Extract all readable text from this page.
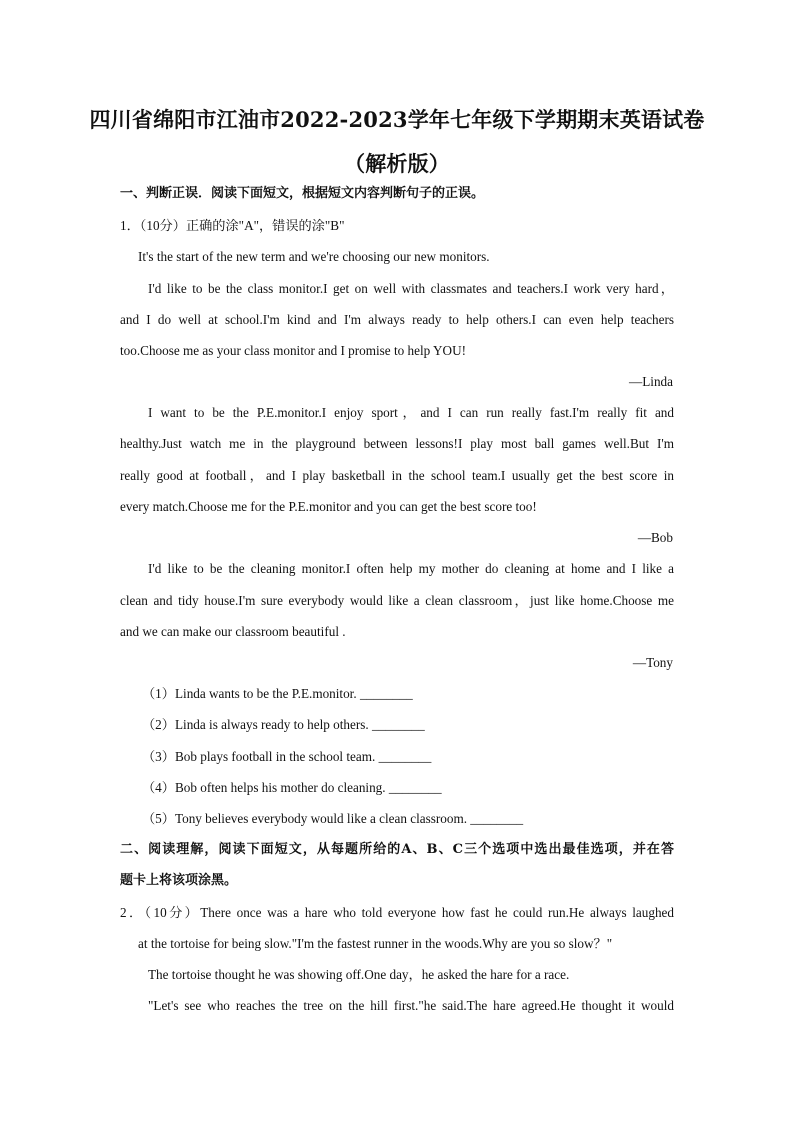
四川省绵阳市江油市2022-2023学年七年级下学期期末英语试卷
（解析版）
一、判断正误．阅读下面短文，根据短文内容判断句子的正误。
1．（10分）正确的涂"A"，错误的涂"B"
It's the start of the new term and we're choosing our new monitors.
I'd like to be the class monitor.I get on well with classmates and teachers.I work very hard，
and I do well at school.I'm kind and I'm always ready to help others.I can even help teachers
too.Choose me as your class monitor and I promise to help YOU!
—Linda
I want to be the P.E.monitor.I enjoy sport，and I can run really fast.I'm really fit and
healthy.Just watch me in the playground between lessons!I play most ball games well.But I'm
really good at football，and I play basketball in the school team.I usually get the best score in
every match.Choose me for the P.E.monitor and you can get the best score too!
—Bob
I'd like to be the cleaning monitor.I often help my mother do cleaning at home and I like a
clean and tidy house.I'm sure everybody would like a clean classroom，just like home.Choose me
and we can make our classroom beautiful .
—Tony
（1）Linda wants to be the P.E.monitor. ________
（2）Linda is always ready to help others. ________
（3）Bob plays football in the school team. ________
（4）Bob often helps his mother do cleaning. ________
（5）Tony believes everybody would like a clean classroom. ________
二、阅读理解，阅读下面短文，从每题所给的A、B、C三个选项中选出最佳选项，并在答
题卡上将该项涂黑。
2．（10分）There once was a hare who told everyone how fast he could run.He always laughed
at the tortoise for being slow."I'm the fastest runner in the woods.Why are you so slow？"
The tortoise thought he was showing off.One day，he asked the hare for a race.
"Let's see who reaches the tree on the hill first."he said.The hare agreed.He thought it would
